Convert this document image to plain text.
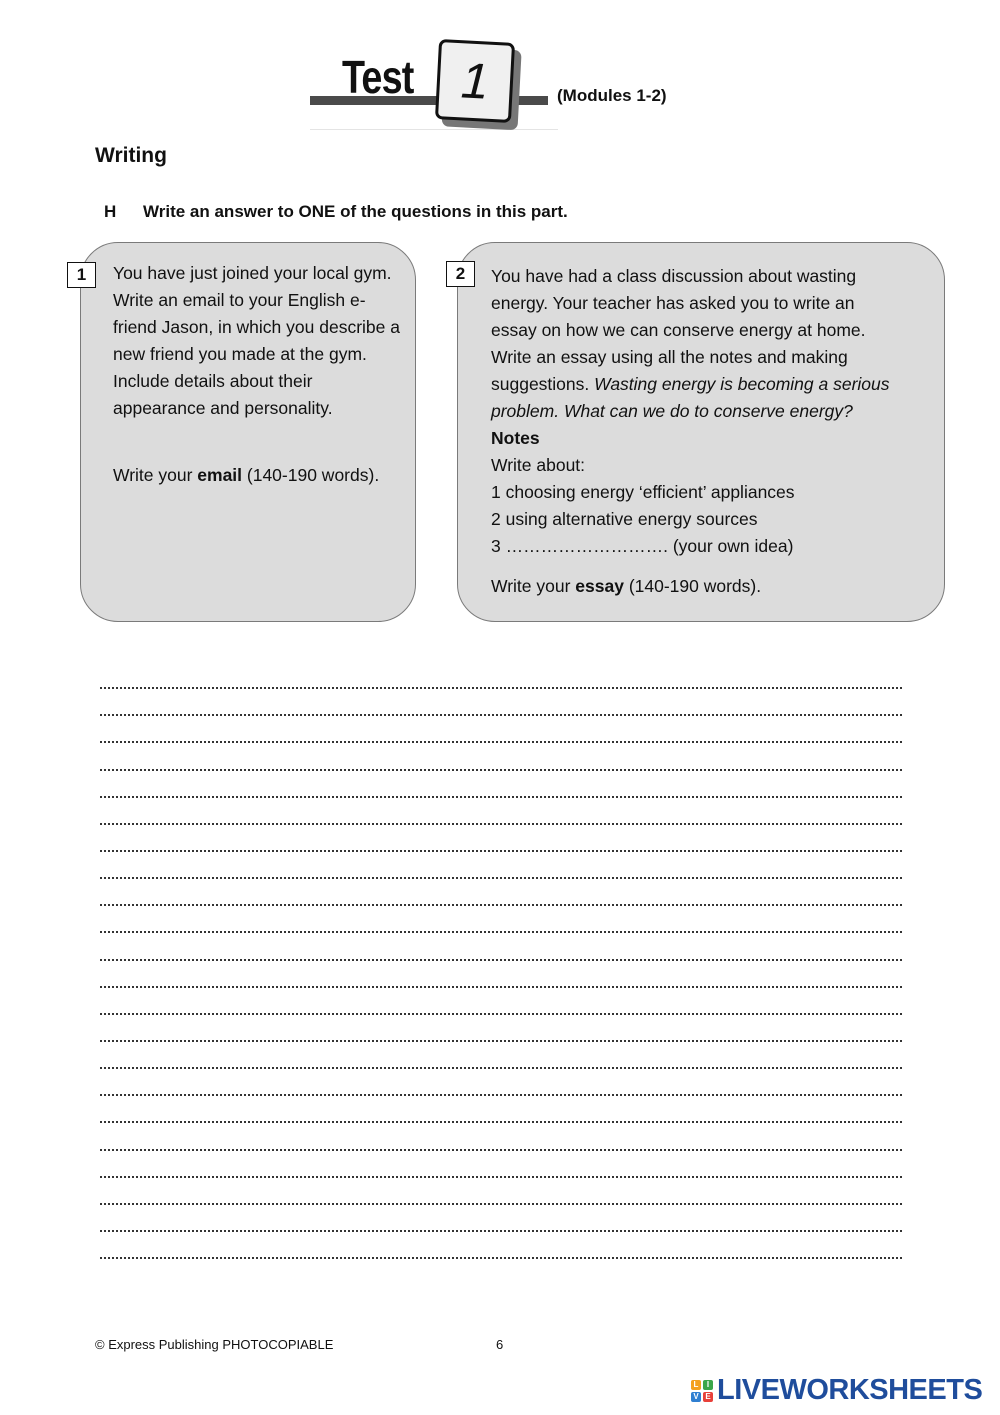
Test 1	(Modules 1-2)
Writing
H Write an answer to ONE of the questions in this part.
1	You have just joined your local gym. Write an email to your English e-friend Jason, in which you describe a new friend you made at the gym. Include details about their appearance and personality.
Write your email (140-190 words).
2	You have had a class discussion about wasting
energy. Your teacher has asked you to write an
essay on how we can conserve energy at home.
Write an essay using all the notes and making
suggestions. Wasting energy is becoming a serious
problem. What can we do to conserve energy?
Notes
Write about:
1 choosing energy ‘efficient’ appliances
2 using alternative energy sources
3 ………………………. (your own idea)
Write your essay (140-190 words).
© Express Publishing PHOTOCOPIABLE	6
L	I
V E LIVEWORKSHEETS
